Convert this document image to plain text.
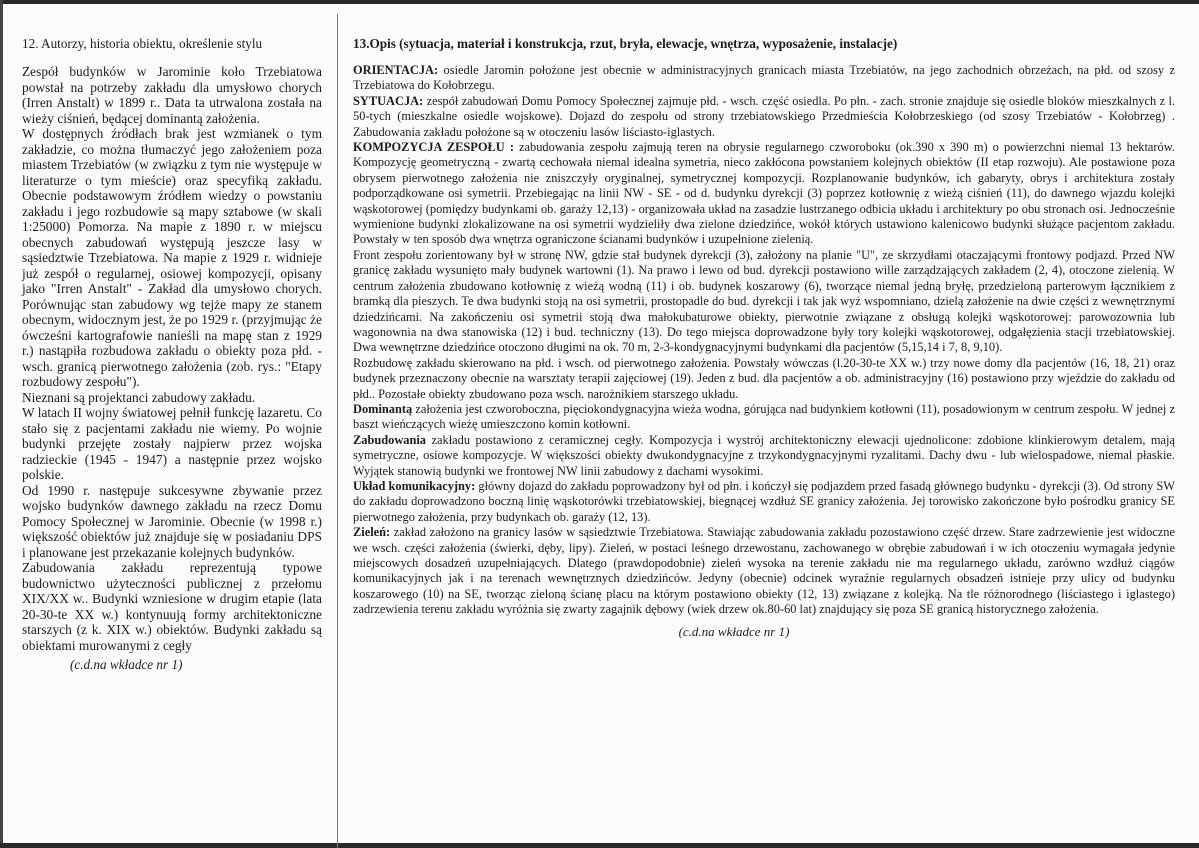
12. Autorzy, historia obiektu, określenie stylu

Zespół budynków w Jarominie koło Trzebiatowa powstał na potrzeby zakładu dla umysłowo chorych (Irren Anstalt) w 1899 r.. Data ta utrwalona została na wieży ciśnień, będącej dominantą założenia.

W dostępnych źródłach brak jest wzmianek o tym zakładzie, co można tłumaczyć jego założeniem poza miastem Trzebiatów (w związku z tym nie występuje w literaturze o tym mieście) oraz specyfiką zakładu. Obecnie podstawowym źródłem wiedzy o powstaniu zakładu i jego rozbudowie są mapy sztabowe (w skali 1:25000) Pomorza. Na mapie z 1890 r. w miejscu obecnych zabudowań występują jeszcze lasy w sąsiedztwie Trzebiatowa. Na mapie z 1929 r. widnieje już zespół o regularnej, osiowej kompozycji, opisany jako "Irren Anstalt" - Zakład dla umysłowo chorych. Porównując stan zabudowy wg tejże mapy ze stanem obecnym, widocznym jest, że po 1929 r. (przyjmując że ówcześni kartografowie nanieśli na mapę stan z 1929 r.) nastąpiła rozbudowa zakładu o obiekty poza płd. - wsch. granicą pierwotnego założenia (zob. rys.: "Etapy rozbudowy zespołu").

Nieznani są projektanci zabudowy zakładu.

W latach II wojny światowej pełnił funkcję lazaretu. Co stało się z pacjentami zakładu nie wiemy. Po wojnie budynki przejęte zostały najpierw przez wojska radzieckie (1945 - 1947) a następnie przez wojsko polskie.

Od 1990 r. następuje sukcesywne zbywanie przez wojsko budynków dawnego zakładu na rzecz Domu Pomocy Społecznej w Jarominie. Obecnie (w 1998 r.) większość obiektów już znajduje się w posiadaniu DPS i planowane jest przekazanie kolejnych budynków.

Zabudowania zakładu reprezentują typowe budownictwo użyteczności publicznej z przełomu XIX/XX w.. Budynki wzniesione w drugim etapie (lata 20-30-te XX w.) kontynuują formy architektoniczne starszych (z k. XIX w.) obiektów. Budynki zakładu są obiektami murowanymi z cegły

(c.d.na wkładce nr 1)

13.Opis (sytuacja, materiał i konstrukcja, rzut, bryła, elewacje, wnętrza, wyposażenie, instalacje)

ORIENTACJA: osiedle Jaromin położone jest obecnie w administracyjnych granicach miasta Trzebiatów, na jego zachodnich obrzeżach, na płd. od szosy z Trzebiatowa do Kołobrzegu.

SYTUACJA: zespół zabudowań Domu Pomocy Społecznej zajmuje płd. - wsch. część osiedla. Po płn. - zach. stronie znajduje się osiedle bloków mieszkalnych z l. 50-tych (mieszkalne osiedle wojskowe). Dojazd do zespołu od strony trzebiatowskiego Przedmieścia Kołobrzeskiego (od szosy Trzebiatów - Kołobrzeg) . Zabudowania zakładu położone są w otoczeniu lasów liściasto-iglastych.

KOMPOZYCJA ZESPOŁU : zabudowania zespołu zajmują teren na obrysie regularnego czworoboku (ok.390 x 390 m) o powierzchni niemal 13 hektarów. Kompozycję geometryczną - zwartą cechowała niemal idealna symetria, nieco zakłócona powstaniem kolejnych obiektów (II etap rozwoju). Ale postawione poza obrysem pierwotnego założenia nie zniszczyły oryginalnej, symetrycznej kompozycji. Rozplanowanie budynków, ich gabaryty, obrys i architektura zostały podporządkowane osi symetrii. Przebiegając na linii NW - SE - od d. budynku dyrekcji (3) poprzez kotłownię z wieżą ciśnień (11), do dawnego wjazdu kolejki wąskotorowej (pomiędzy budynkami ob. garaży 12,13) - organizowała układ na zasadzie lustrzanego odbicia układu i architektury po obu stronach osi. Jednocześnie wymienione budynki zlokalizowane na osi symetrii wydzieliły dwa zielone dziedzińce, wokół których ustawiono kalenicowo budynki służące pacjentom zakładu. Powstały w ten sposób dwa wnętrza ograniczone ścianami budynków i uzupełnione zielenią.

Front zespołu zorientowany był w stronę NW, gdzie stał budynek dyrekcji (3), założony na planie "U", ze skrzydłami otaczającymi frontowy podjazd. Przed NW granicę zakładu wysunięto mały budynek wartowni (1). Na prawo i lewo od bud. dyrekcji postawiono wille zarządzających zakładem (2, 4), otoczone zielenią. W centrum założenia zbudowano kotłownię z wieżą wodną (11) i ob. budynek koszarowy (6), tworzące niemal jedną bryłę, przedzieloną parterowym łącznikiem z bramką dla pieszych. Te dwa budynki stoją na osi symetrii, prostopadle do bud. dyrekcji i tak jak wyż wspomniano, dzielą założenie na dwie części z wewnętrznymi dziedzińcami. Na zakończeniu osi symetrii stoją dwa małokubaturowe obiekty, pierwotnie związane z obsługą kolejki wąskotorowej: parowozownia lub wagonownia na dwa stanowiska (12) i bud. techniczny (13). Do tego miejsca doprowadzone były tory kolejki wąskotorowej, odgałęzienia stacji trzebiatowskiej. Dwa wewnętrzne dziedzińce otoczono długimi na ok. 70 m, 2-3-kondygnacyjnymi budynkami dla pacjentów (5,15,14 i 7, 8, 9,10).

Rozbudowę zakładu skierowano na płd. i wsch. od pierwotnego założenia. Powstały wówczas (l.20-30-te XX w.) trzy nowe domy dla pacjentów (16, 18, 21) oraz budynek przeznaczony obecnie na warsztaty terapii zajęciowej (19). Jeden z bud. dla pacjentów a ob. administracyjny (16) postawiono przy wjeździe do zakładu od płd.. Pozostałe obiekty zbudowano poza wsch. narożnikiem starszego układu.

Dominantą założenia jest czworoboczna, pięciokondygnacyjna wieża wodna, górująca nad budynkiem kotłowni (11), posadowionym w centrum zespołu. W jednej z baszt wieńczących wieżę umieszczono komin kotłowni.

Zabudowania zakładu postawiono z ceramicznej cegły. Kompozycja i wystrój architektoniczny elewacji ujednolicone: zdobione klinkierowym detalem, mają symetryczne, osiowe kompozycje. W większości obiekty dwukondygnacyjne z trzykondygnacyjnymi ryzalitami. Dachy dwu - lub wielospadowe, niemal płaskie. Wyjątek stanowią budynki we frontowej NW linii zabudowy z dachami wysokimi.

Układ komunikacyjny: główny dojazd do zakładu poprowadzony był od płn. i kończył się podjazdem przed fasadą głównego budynku - dyrekcji (3). Od strony SW do zakładu doprowadzono boczną linię wąskotorówki trzebiatowskiej, biegnącej wzdłuż SE granicy założenia. Jej torowisko zakończone było pośrodku granicy SE pierwotnego założenia, przy budynkach ob. garaży (12, 13).

Zieleń: zakład założono na granicy lasów w sąsiedztwie Trzebiatowa. Stawiając zabudowania zakładu pozostawiono część drzew. Stare zadrzewienie jest widoczne we wsch. części założenia (świerki, dęby, lipy). Zieleń, w postaci leśnego drzewostanu, zachowanego w obrębie zabudowań i w ich otoczeniu wymagała jedynie miejscowych dosadzeń uzupełniających. Dlatego (prawdopodobnie) zieleń wysoka na terenie zakładu nie ma regularnego układu, zarówno wzdłuż ciągów komunikacyjnych jak i na terenach wewnętrznych dziedzińców. Jedyny (obecnie) odcinek wyraźnie regularnych obsadzeń istnieje przy ulicy od budynku koszarowego (10) na SE, tworząc zieloną ścianę placu na którym postawiono obiekty (12, 13) związane z kolejką. Na tle różnorodnego (liściastego i iglastego) zadrzewienia terenu zakładu wyróżnia się zwarty zagajnik dębowy (wiek drzew ok.80-60 lat) znajdujący się poza SE granicą historycznego założenia.

(c.d.na wkładce nr 1)
